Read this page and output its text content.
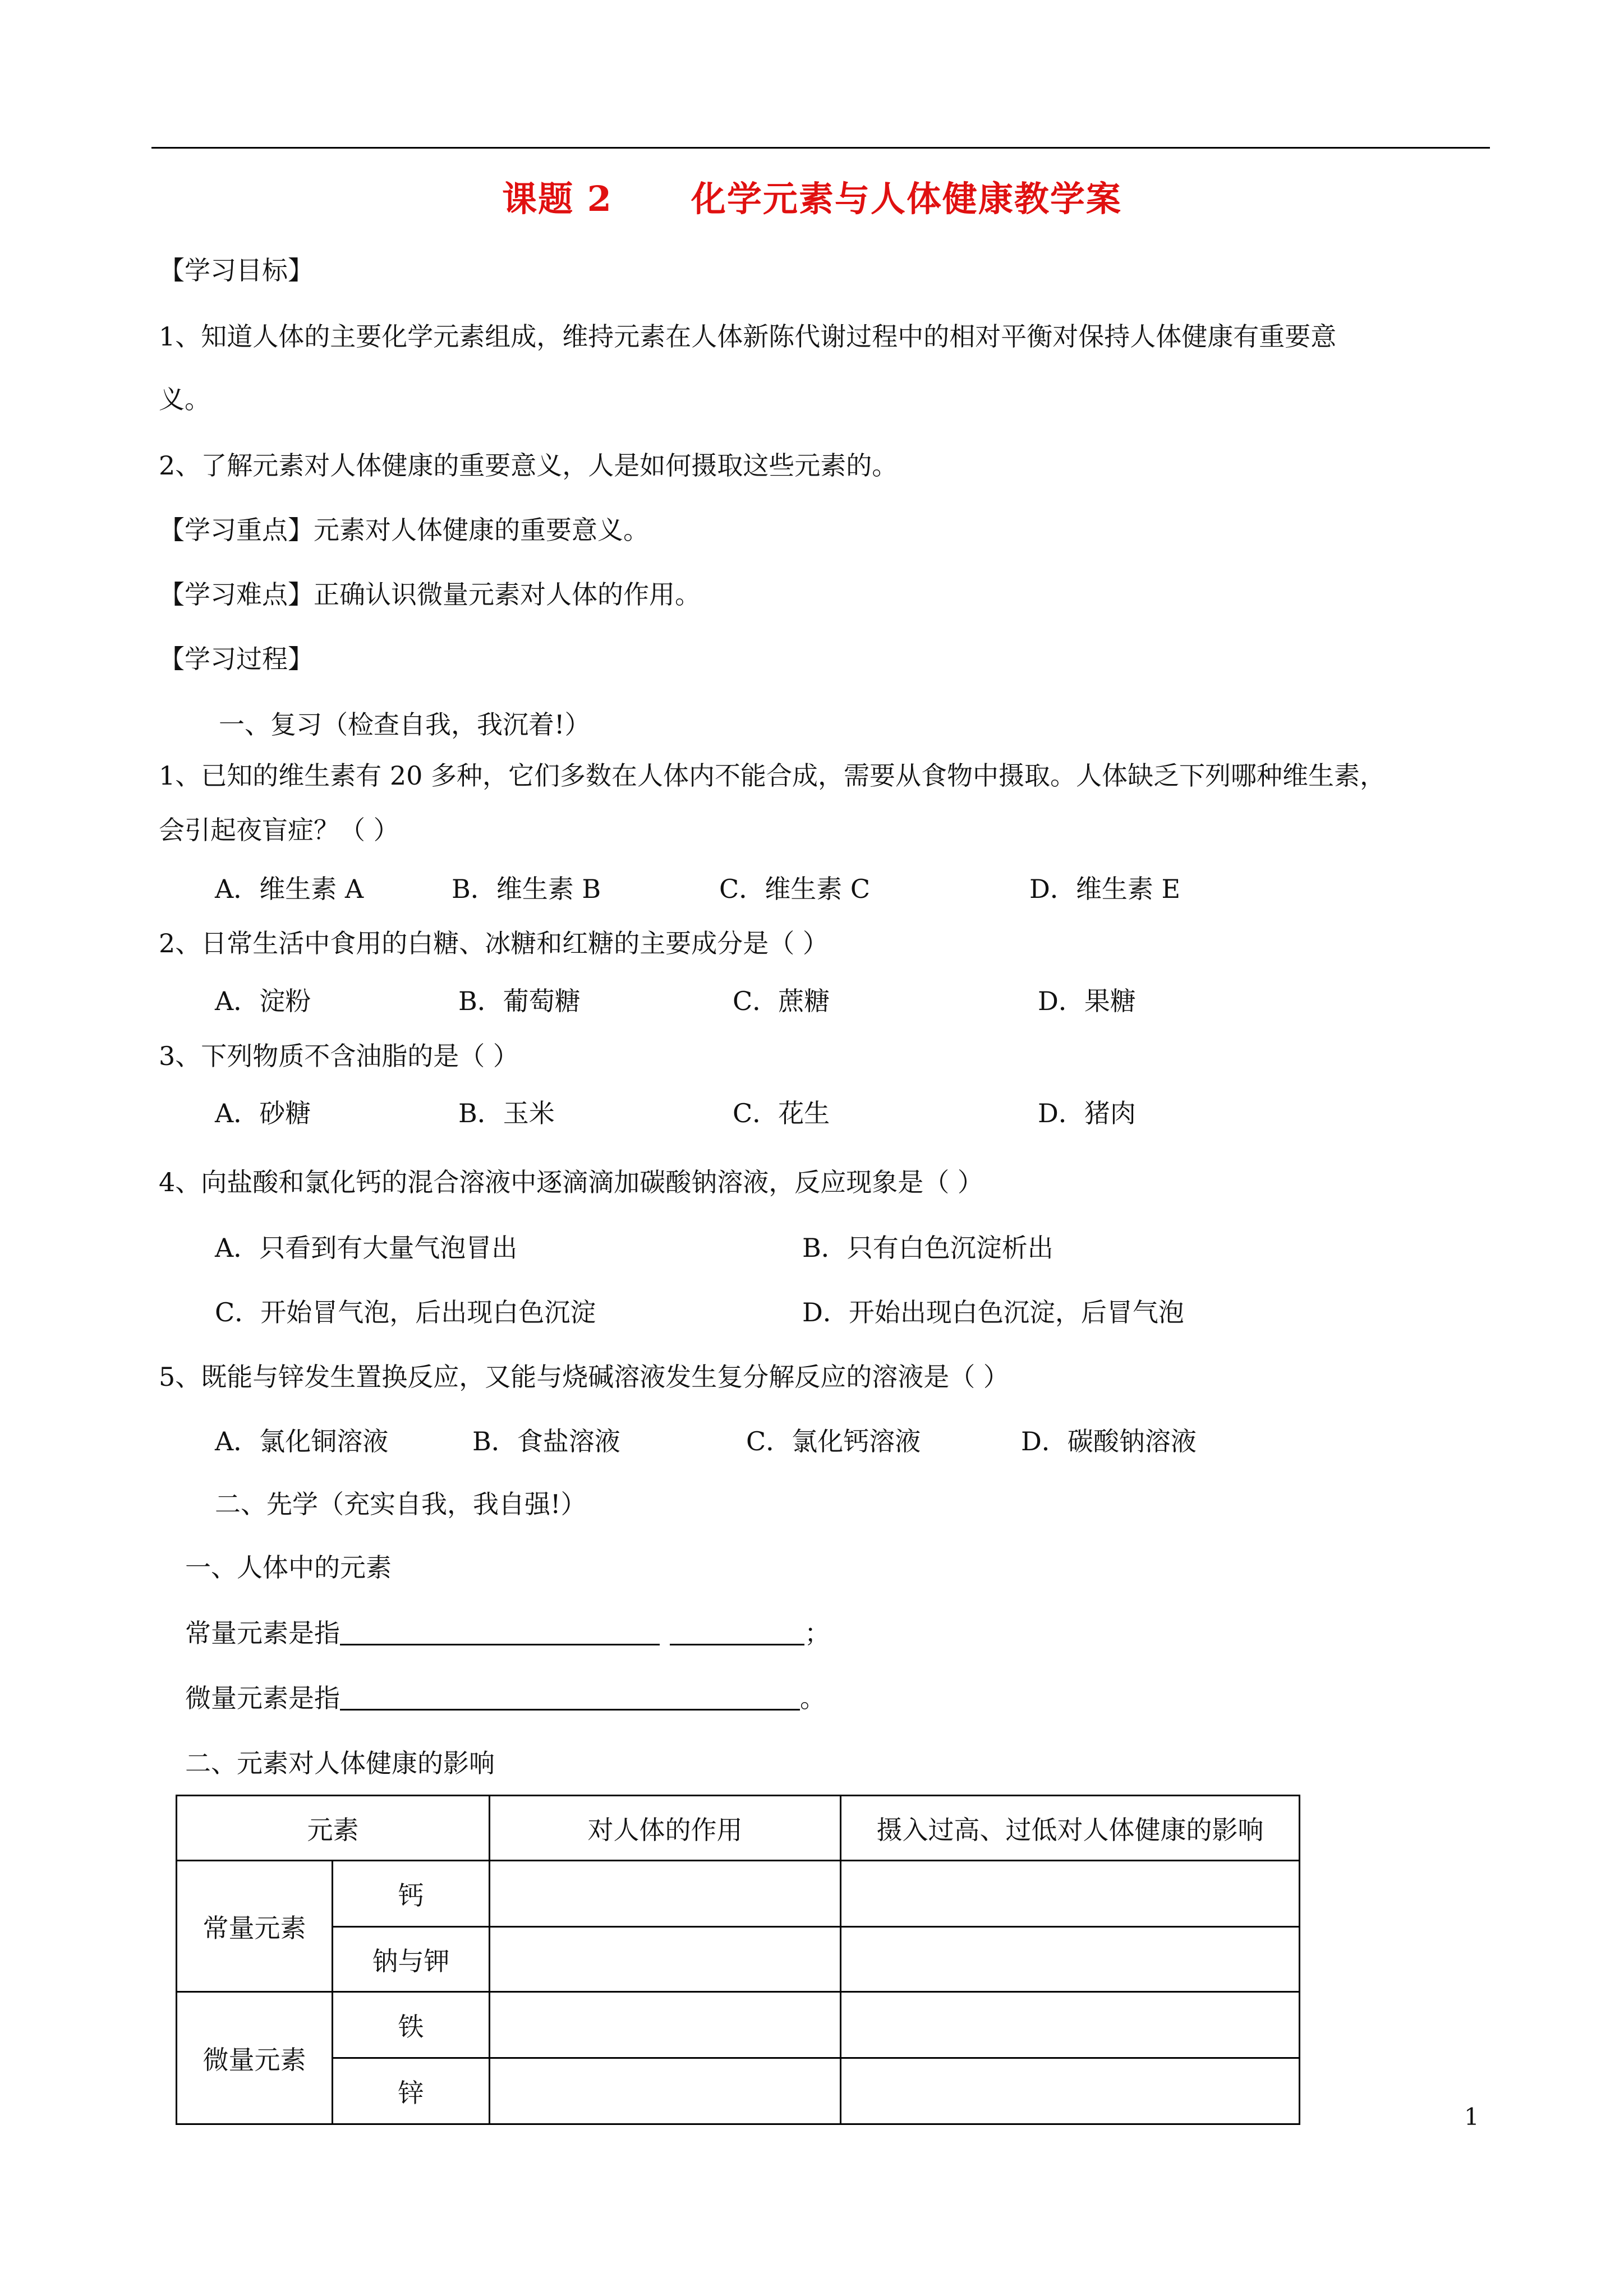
课题 2 化学元素与人体健康教学案
【学习目标】
1、知道人体的主要化学元素组成，维持元素在人体新陈代谢过程中的相对平衡对保持人体健康有重要意
义。
2、了解元素对人体健康的重要意义，人是如何摄取这些元素的。
【学习重点】元素对人体健康的重要意义。
【学习难点】正确认识微量元素对人体的作用。
【学习过程】
一、复习（检查自我，我沉着!）
1、已知的维生素有 20 多种，它们多数在人体内不能合成，需要从食物中摄取。人体缺乏下列哪种维生素，
会引起夜盲症？（ ）
A．维生素 A	B．维生素 B	C．维生素 C	D．维生素 E
2、日常生活中食用的白糖、冰糖和红糖的主要成分是（ ）
A．淀粉	B．葡萄糖	C．蔗糖	D．果糖
3、下列物质不含油脂的是（ ）
A．砂糖	B．玉米	C．花生	D．猪肉
4、向盐酸和氯化钙的混合溶液中逐滴滴加碳酸钠溶液，反应现象是（ ）
A．只看到有大量气泡冒出	B．只有白色沉淀析出
C．开始冒气泡，后出现白色沉淀	D．开始出现白色沉淀，后冒气泡
5、既能与锌发生置换反应，又能与烧碱溶液发生复分解反应的溶液是（ ）
A．氯化铜溶液	B．食盐溶液	C．氯化钙溶液	D．碳酸钠溶液
二、先学（充实自我，我自强!）
一、人体中的元素
常量元素是指	；
微量元素是指	。
二、元素对人体健康的影响
元素		对人体的作用	摄入过高、过低对人体健康的影响
常量元素	钙		
	钠与钾		
微量元素	铁		
	锌		
1
